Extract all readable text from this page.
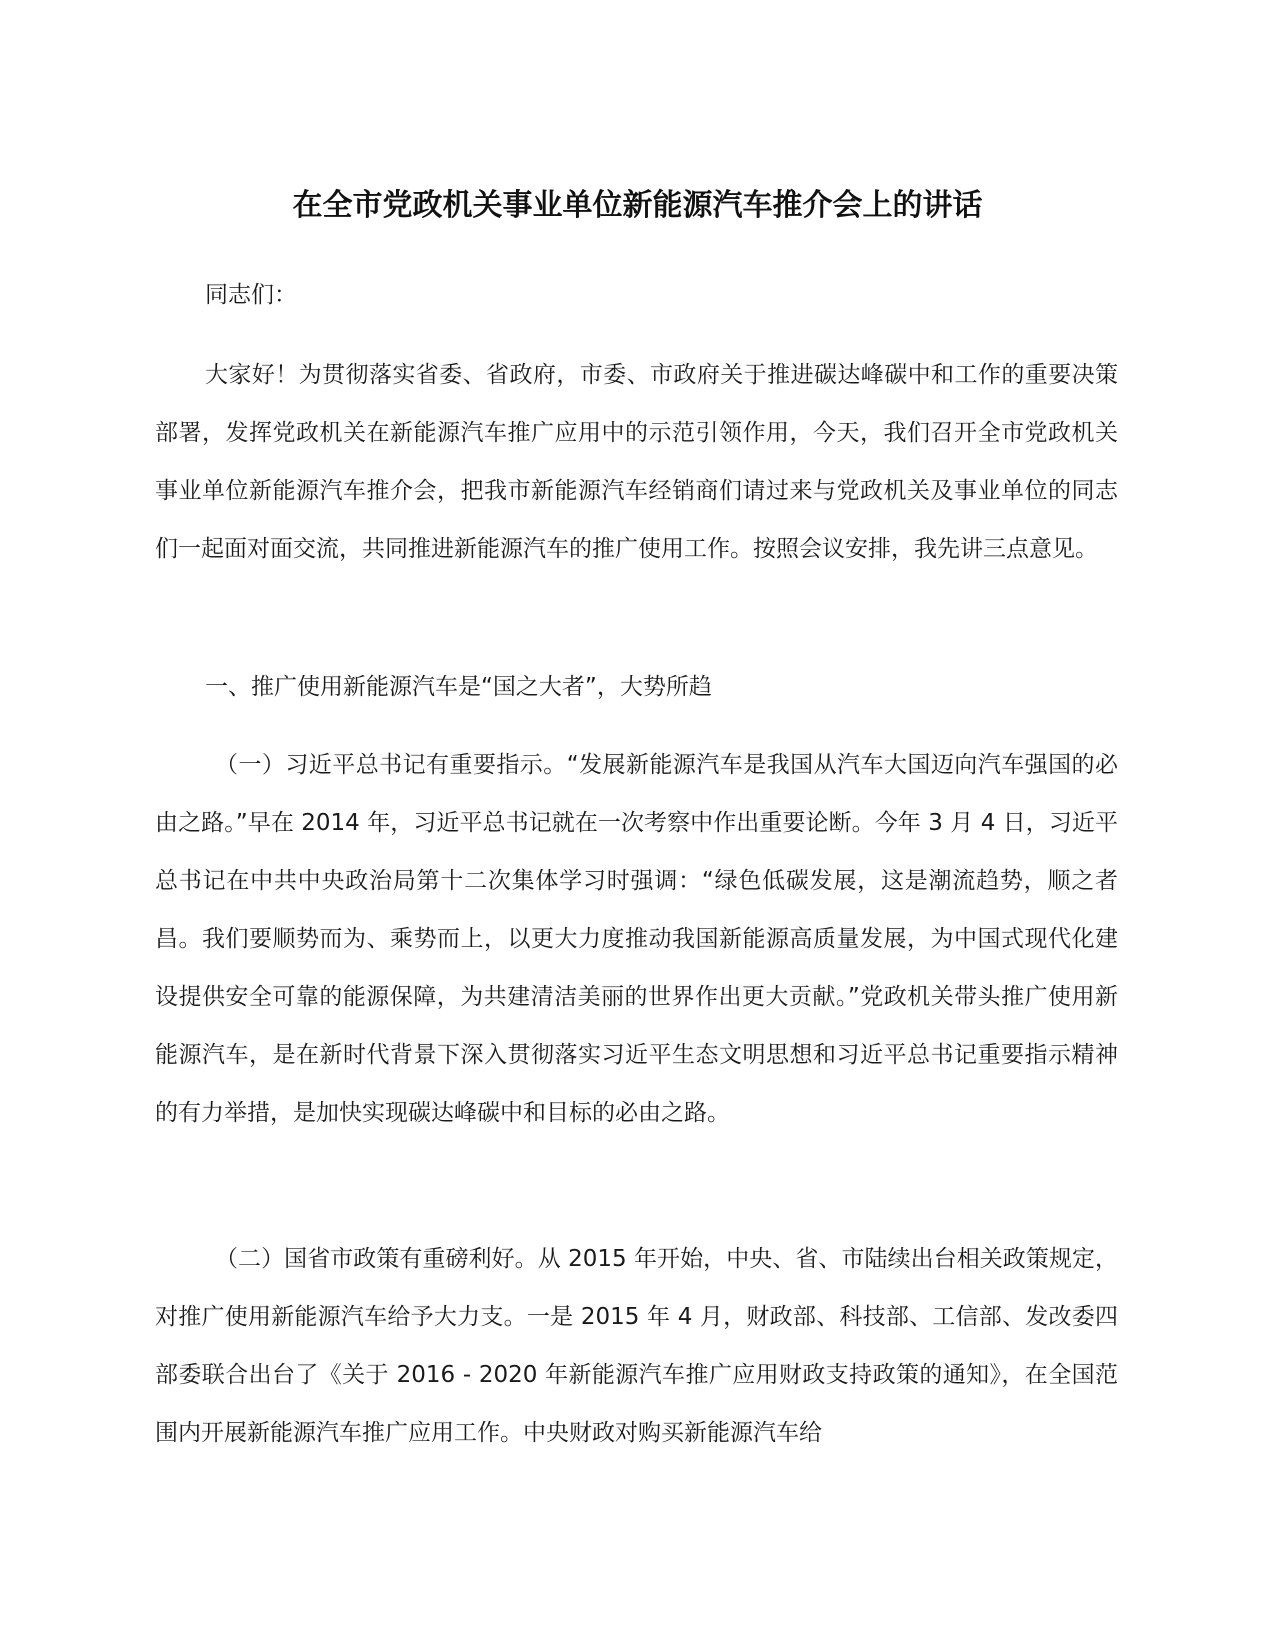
在全市党政机关事业单位新能源汽车推介会上的讲话

同志们：

大家好！为贯彻落实省委、省政府，市委、市政府关于推进碳达峰碳中和工作的重要决策部署，发挥党政机关在新能源汽车推广应用中的示范引领作用，今天，我们召开全市党政机关事业单位新能源汽车推介会，把我市新能源汽车经销商们请过来与党政机关及事业单位的同志们一起面对面交流，共同推进新能源汽车的推广使用工作。按照会议安排，我先讲三点意见。

一、推广使用新能源汽车是“国之大者”，大势所趋

（一）习近平总书记有重要指示。“发展新能源汽车是我国从汽车大国迈向汽车强国的必由之路。”早在 2014 年，习近平总书记就在一次考察中作出重要论断。今年 3 月 4 日，习近平总书记在中共中央政治局第十二次集体学习时强调：“绿色低碳发展，这是潮流趋势，顺之者昌。我们要顺势而为、乘势而上，以更大力度推动我国新能源高质量发展，为中国式现代化建设提供安全可靠的能源保障，为共建清洁美丽的世界作出更大贡献。”党政机关带头推广使用新能源汽车，是在新时代背景下深入贯彻落实习近平生态文明思想和习近平总书记重要指示精神的有力举措，是加快实现碳达峰碳中和目标的必由之路。

（二）国省市政策有重磅利好。从 2015 年开始，中央、省、市陆续出台相关政策规定，对推广使用新能源汽车给予大力支。一是 2015 年 4 月，财政部、科技部、工信部、发改委四部委联合出台了《关于 2016 - 2020 年新能源汽车推广应用财政支持政策的通知》，在全国范围内开展新能源汽车推广应用工作。中央财政对购买新能源汽车给
